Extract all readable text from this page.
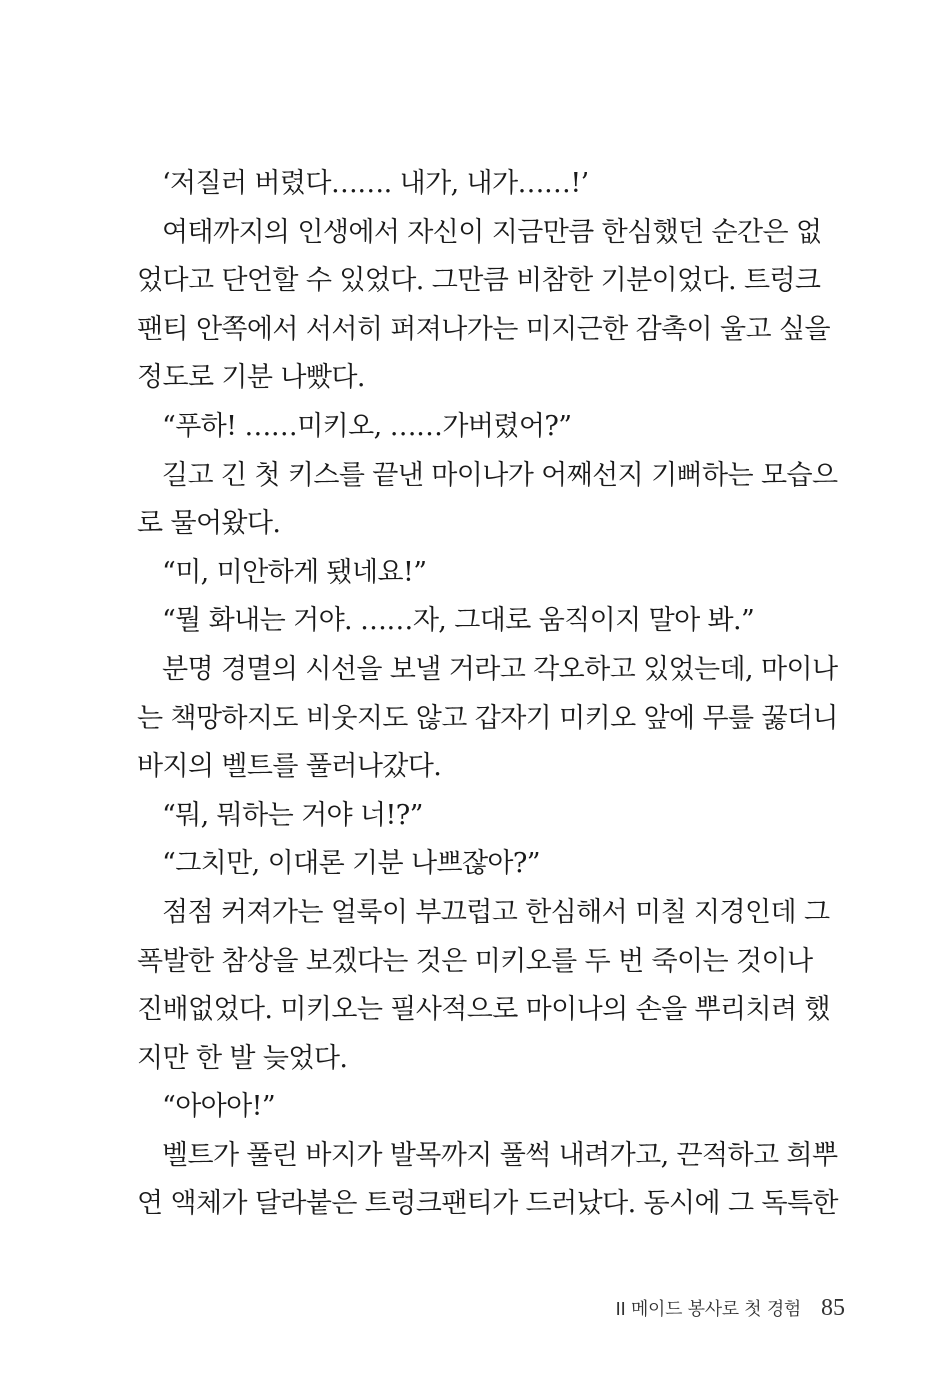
‘저질러 버렸다……. 내가, 내가……!’
여태까지의 인생에서 자신이 지금만큼 한심했던 순간은 없
었다고 단언할 수 있었다. 그만큼 비참한 기분이었다. 트렁크
팬티 안쪽에서 서서히 퍼져나가는 미지근한 감촉이 울고 싶을
정도로 기분 나빴다.
“푸하! ……미키오, ……가버렸어?”
길고 긴 첫 키스를 끝낸 마이나가 어째선지 기뻐하는 모습으
로 물어왔다.
“미, 미안하게 됐네요!”
“뭘 화내는 거야. ……자, 그대로 움직이지 말아 봐.”
분명 경멸의 시선을 보낼 거라고 각오하고 있었는데, 마이나
는 책망하지도 비웃지도 않고 갑자기 미키오 앞에 무릎 꿇더니
바지의 벨트를 풀러나갔다.
“뭐, 뭐하는 거야 너!?”
“그치만, 이대론 기분 나쁘잖아?”
점점 커져가는 얼룩이 부끄럽고 한심해서 미칠 지경인데 그
폭발한 참상을 보겠다는 것은 미키오를 두 번 죽이는 것이나
진배없었다. 미키오는 필사적으로 마이나의 손을 뿌리치려 했
지만 한 발 늦었다.
“아아아!”
벨트가 풀린 바지가 발목까지 풀썩 내려가고, 끈적하고 희뿌
연 액체가 달라붙은 트렁크팬티가 드러났다. 동시에 그 독특한
II 메이드 봉사로 첫 경험 85
